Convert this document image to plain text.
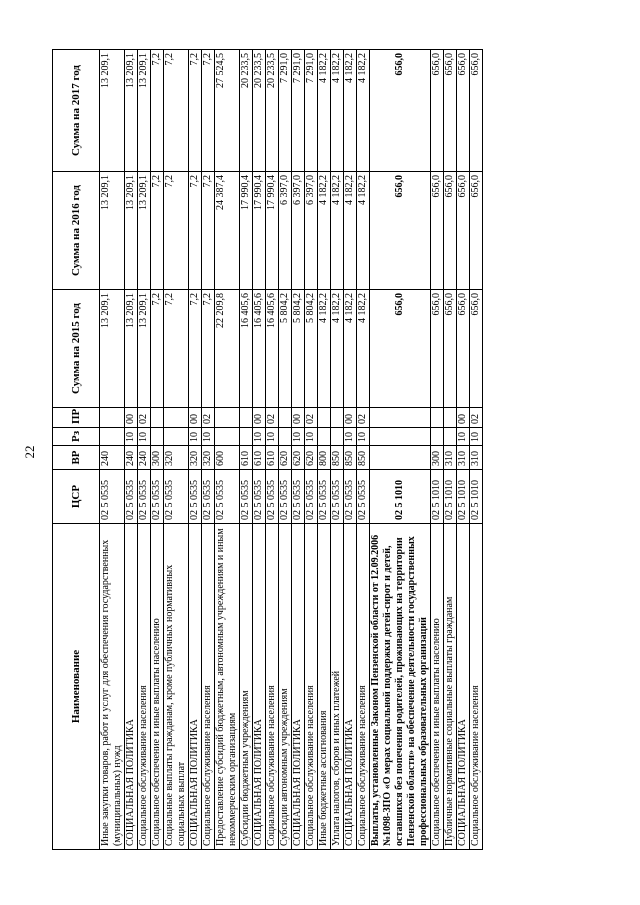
22
Наименование	ЦСР	ВР	Рз	ПР	Сумма на 2015 год	Сумма на 2016 год	Сумма на 2017 год
Иные закупки товаров, работ и услуг для обеспечения государственных (муниципальных) нужд	02 5 0535	240			13 209,1	13 209,1	13 209,1
СОЦИАЛЬНАЯ ПОЛИТИКА	02 5 0535	240	10	00	13 209,1	13 209,1	13 209,1
Социальное обслуживание населения	02 5 0535	240	10	02	13 209,1	13 209,1	13 209,1
Социальное обеспечение и иные выплаты населению	02 5 0535	300			7,2	7,2	7,2
Социальные выплаты гражданам, кроме публичных нормативных социальных выплат	02 5 0535	320			7,2	7,2	7,2
СОЦИАЛЬНАЯ ПОЛИТИКА	02 5 0535	320	10	00	7,2	7,2	7,2
Социальное обслуживание населения	02 5 0535	320	10	02	7,2	7,2	7,2
Предоставление субсидий бюджетным, автономным учреждениям и иным некоммерческим организациям	02 5 0535	600			22 209,8	24 387,4	27 524,5
Субсидии бюджетным учреждениям	02 5 0535	610			16 405,6	17 990,4	20 233,5
СОЦИАЛЬНАЯ ПОЛИТИКА	02 5 0535	610	10	00	16 405,6	17 990,4	20 233,5
Социальное обслуживание населения	02 5 0535	610	10	02	16 405,6	17 990,4	20 233,5
Субсидии автономным учреждениям	02 5 0535	620			5 804,2	6 397,0	7 291,0
СОЦИАЛЬНАЯ ПОЛИТИКА	02 5 0535	620	10	00	5 804,2	6 397,0	7 291,0
Социальное обслуживание населения	02 5 0535	620	10	02	5 804,2	6 397,0	7 291,0
Иные бюджетные ассигнования	02 5 0535	800			4 182,2	4 182,2	4 182,2
Уплата налогов, сборов и иных платежей	02 5 0535	850			4 182,2	4 182,2	4 182,2
СОЦИАЛЬНАЯ ПОЛИТИКА	02 5 0535	850	10	00	4 182,2	4 182,2	4 182,2
Социальное обслуживание населения	02 5 0535	850	10	02	4 182,2	4 182,2	4 182,2
Выплаты, установленные Законом Пензенской области от 12.09.2006 №1098-ЗПО «О мерах социальной поддержки детей-сирот и детей, оставшихся без попечения родителей, проживающих на территории Пензенской области» на обеспечение деятельности государственных профессиональных образовательных организаций	02 5 1010				656,0	656,0	656,0
Социальное обеспечение и иные выплаты населению	02 5 1010	300			656,0	656,0	656,0
Публичные нормативные социальные выплаты гражданам	02 5 1010	310			656,0	656,0	656,0
СОЦИАЛЬНАЯ ПОЛИТИКА	02 5 1010	310	10	00	656,0	656,0	656,0
Социальное обслуживание населения	02 5 1010	310	10	02	656,0	656,0	656,0
